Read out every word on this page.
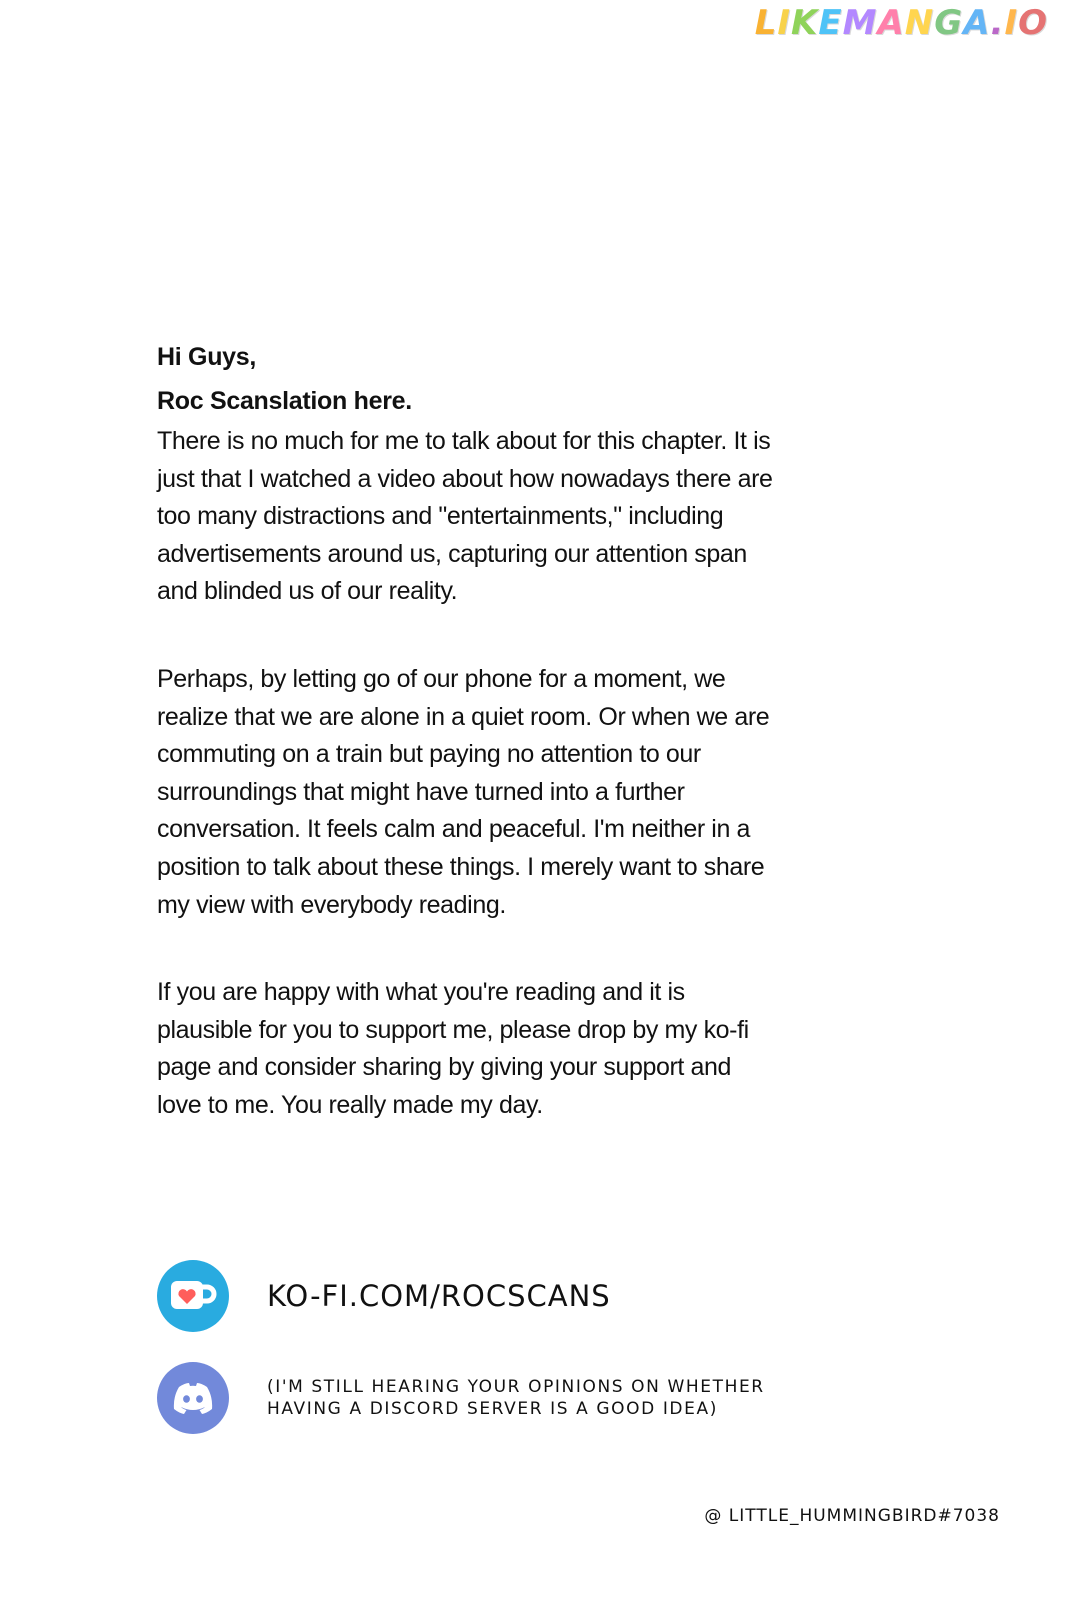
L I K E M A N G A . I O

Hi Guys,

Roc Scanslation here.

There is no much for me to talk about for this chapter. It is just that I watched a video about how nowadays there are too many distractions and "entertainments," including advertisements around us, capturing our attention span and blinded us of our reality.

Perhaps, by letting go of our phone for a moment, we realize that we are alone in a quiet room. Or when we are commuting on a train but paying no attention to our surroundings that might have turned into a further conversation. It feels calm and peaceful. I'm neither in a position to talk about these things. I merely want to share my view with everybody reading.

If you are happy with what you're reading and it is plausible for you to support me, please drop by my ko-fi page and consider sharing by giving your support and love to me. You really made my day.

KO-FI.COM/ROCSCANS
(I'M STILL HEARING YOUR OPINIONS ON WHETHER
HAVING A DISCORD SERVER IS A GOOD IDEA)
@ LITTLE_HUMMINGBIRD#7038
